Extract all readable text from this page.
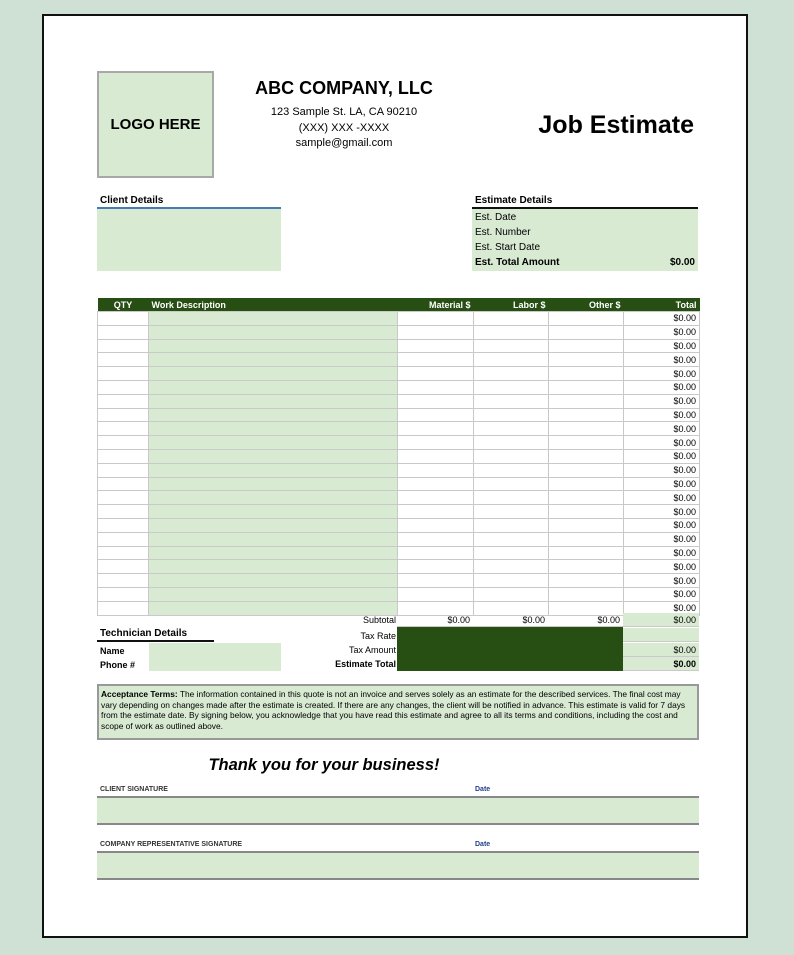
LOGO HERE
ABC COMPANY, LLC
123 Sample St. LA, CA 90210
(XXX) XXX -XXXX
sample@gmail.com
Job Estimate
Client Details	Estimate Details
Est. Date
Est. Number
Est. Start Date
Est. Total Amount	$0.00
QTY	Work Description	Material $	Labor $	Other $	Total
					$0.00
					$0.00
					$0.00
					$0.00
					$0.00
					$0.00
					$0.00
					$0.00
					$0.00
					$0.00
					$0.00
					$0.00
					$0.00
					$0.00
					$0.00
					$0.00
					$0.00
					$0.00
					$0.00
					$0.00
					$0.00
					$0.00
Subtotal	$0.00	$0.00	$0.00	$0.00
Tax Rate
Tax Amount	$0.00
Estimate Total	$0.00
Technician Details
Name
Phone #
Acceptance Terms: The information contained in this quote is not an invoice and serves solely as an estimate for the described services. The final cost may vary depending on changes made after the estimate is created. If there are any changes, the client will be notified in advance. This estimate is valid for 7 days from the estimate date. By signing below, you acknowledge that you have read this estimate and agree to all its terms and conditions, including the cost and scope of work as outlined above.
Thank you for your business!
CLIENT SIGNATURE	Date
COMPANY REPRESENTATIVE SIGNATURE	Date
